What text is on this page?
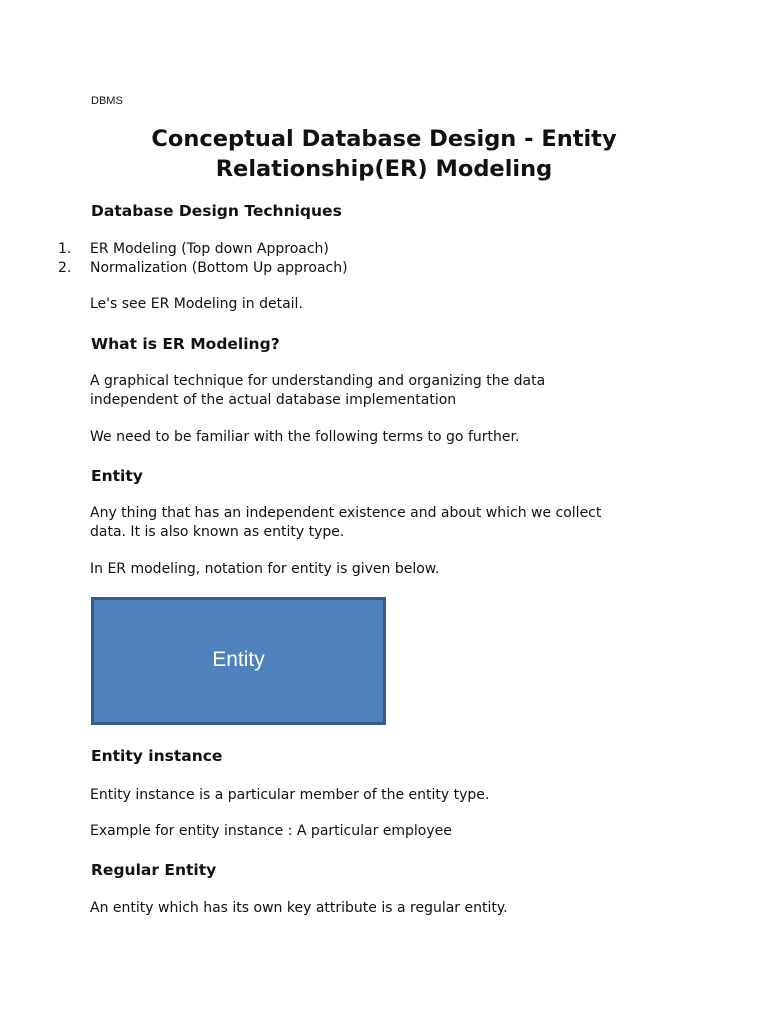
DBMS
Conceptual Database Design - Entity
Relationship(ER) Modeling
Database Design Techniques
1. ER Modeling (Top down Approach)
2. Normalization (Bottom Up approach)

Le's see ER Modeling in detail.

What is ER Modeling?

A graphical technique for understanding and organizing the data
independent of the actual database implementation

We need to be familiar with the following terms to go further.

Entity

Any thing that has an independent existence and about which we collect
data. It is also known as entity type.

In ER modeling, notation for entity is given below.

Entity
Entity instance

Entity instance is a particular member of the entity type.

Example for entity instance : A particular employee

Regular Entity

An entity which has its own key attribute is a regular entity.
